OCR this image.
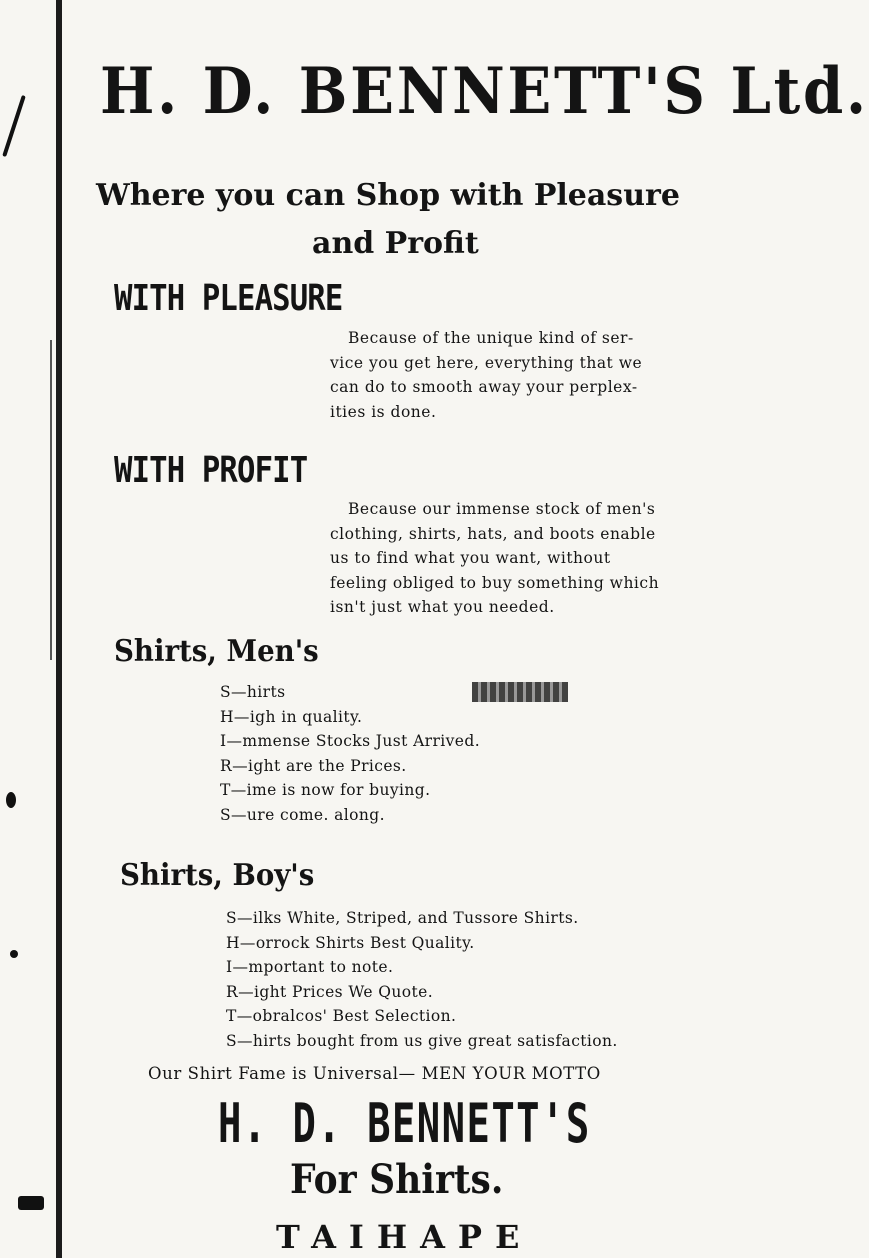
H. D. BENNETT'S Ltd.
Where you can Shop with Pleasure
and Profit
WITH PLEASURE
Because of the unique kind of ser-
vice you get here, everything that we
can do to smooth away your perplex-
ities is done.
WITH PROFIT
Because our immense stock of men's
clothing, shirts, hats, and boots enable
us to find what you want, without
feeling obliged to buy something which
isn't just what you needed.
Shirts, Men's
S—hirts
H—igh in quality.
I—mmense Stocks Just Arrived.
R—ight are the Prices.
T—ime is now for buying.
S—ure come. along.
Shirts, Boy's
S—ilks White, Striped, and Tussore Shirts.
H—orrock Shirts Best Quality.
I—mportant to note.
R—ight Prices We Quote.
T—obralcos' Best Selection.
S—hirts bought from us give great satisfaction.
Our Shirt Fame is Universal— MEN YOUR MOTTO
H. D. BENNETT'S
For Shirts.
TAIHAPE
